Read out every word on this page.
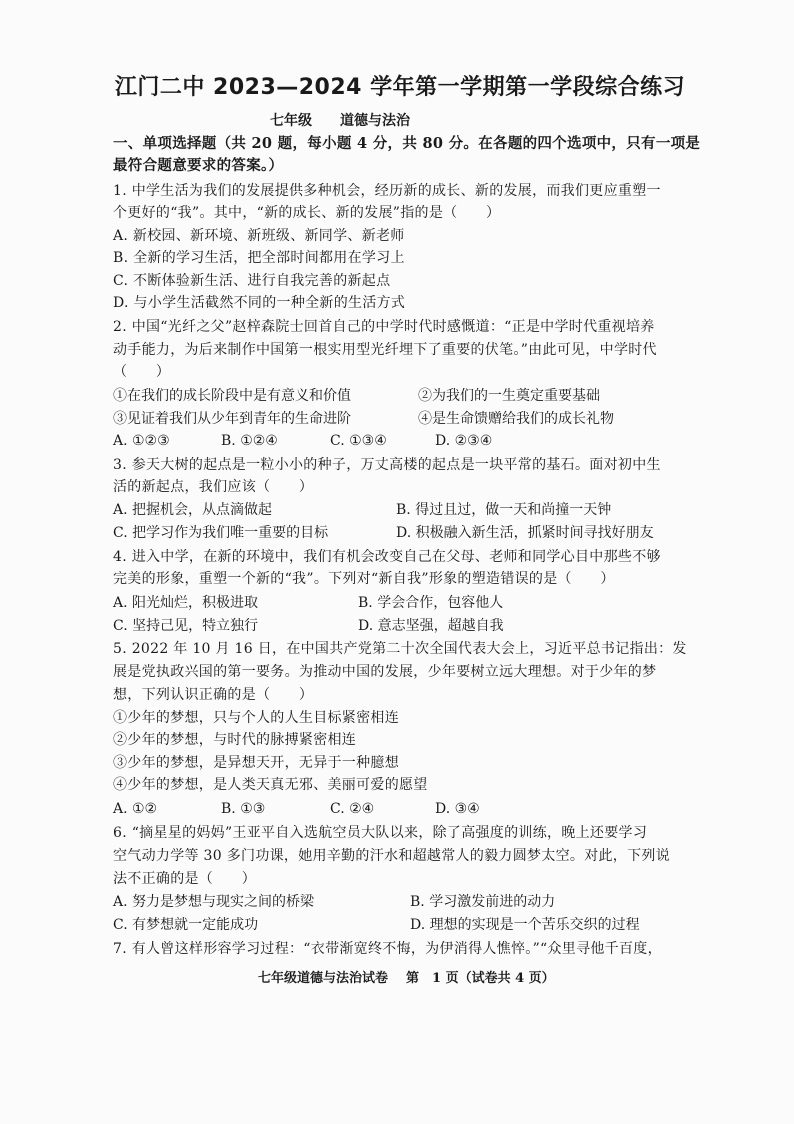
江门二中 2023—2024 学年第一学期第一学段综合练习
七年级 道德与法治
一、单项选择题（共 20 题，每小题 4 分，共 80 分。在各题的四个选项中，只有一项是
最符合题意要求的答案。）
1. 中学生活为我们的发展提供多种机会，经历新的成长、新的发展，而我们更应重塑一
个更好的“我”。其中，“新的成长、新的发展”指的是（　　）
A. 新校园、新环境、新班级、新同学、新老师
B. 全新的学习生活，把全部时间都用在学习上
C. 不断体验新生活、进行自我完善的新起点
D. 与小学生活截然不同的一种全新的生活方式
2. 中国“光纤之父”赵梓森院士回首自己的中学时代时感慨道：“正是中学时代重视培养
动手能力，为后来制作中国第一根实用型光纤埋下了重要的伏笔。”由此可见，中学时代
（　　）
①在我们的成长阶段中是有意义和价值	②为我们的一生奠定重要基础
③见证着我们从少年到青年的生命进阶	④是生命馈赠给我们的成长礼物
A. ①②③	B. ①②④	C. ①③④	D. ②③④
3. 参天大树的起点是一粒小小的种子，万丈高楼的起点是一块平常的基石。面对初中生
活的新起点，我们应该（　　）
A. 把握机会，从点滴做起	B. 得过且过，做一天和尚撞一天钟
C. 把学习作为我们唯一重要的目标	D. 积极融入新生活，抓紧时间寻找好朋友
4. 进入中学，在新的环境中，我们有机会改变自己在父母、老师和同学心目中那些不够
完美的形象，重塑一个新的“我”。下列对“新自我”形象的塑造错误的是（　　）
A. 阳光灿烂，积极进取	B. 学会合作，包容他人
C. 坚持己见，特立独行	D. 意志坚强，超越自我
5. 2022 年 10 月 16 日，在中国共产党第二十次全国代表大会上，习近平总书记指出：发
展是党执政兴国的第一要务。为推动中国的发展，少年要树立远大理想。对于少年的梦
想，下列认识正确的是（　　）
①少年的梦想，只与个人的人生目标紧密相连
②少年的梦想，与时代的脉搏紧密相连
③少年的梦想，是异想天开，无异于一种臆想
④少年的梦想，是人类天真无邪、美丽可爱的愿望
A. ①②	B. ①③	C. ②④	D. ③④
6. “摘星星的妈妈”王亚平自入选航空员大队以来，除了高强度的训练，晚上还要学习
空气动力学等 30 多门功课，她用辛勤的汗水和超越常人的毅力圆梦太空。对此，下列说
法不正确的是（　　）
A. 努力是梦想与现实之间的桥梁	B. 学习激发前进的动力
C. 有梦想就一定能成功	D. 理想的实现是一个苦乐交织的过程
7. 有人曾这样形容学习过程：“衣带渐宽终不悔，为伊消得人憔悴。”“众里寻他千百度，
七年级道德与法治试卷 第　1 页（试卷共 4 页）
